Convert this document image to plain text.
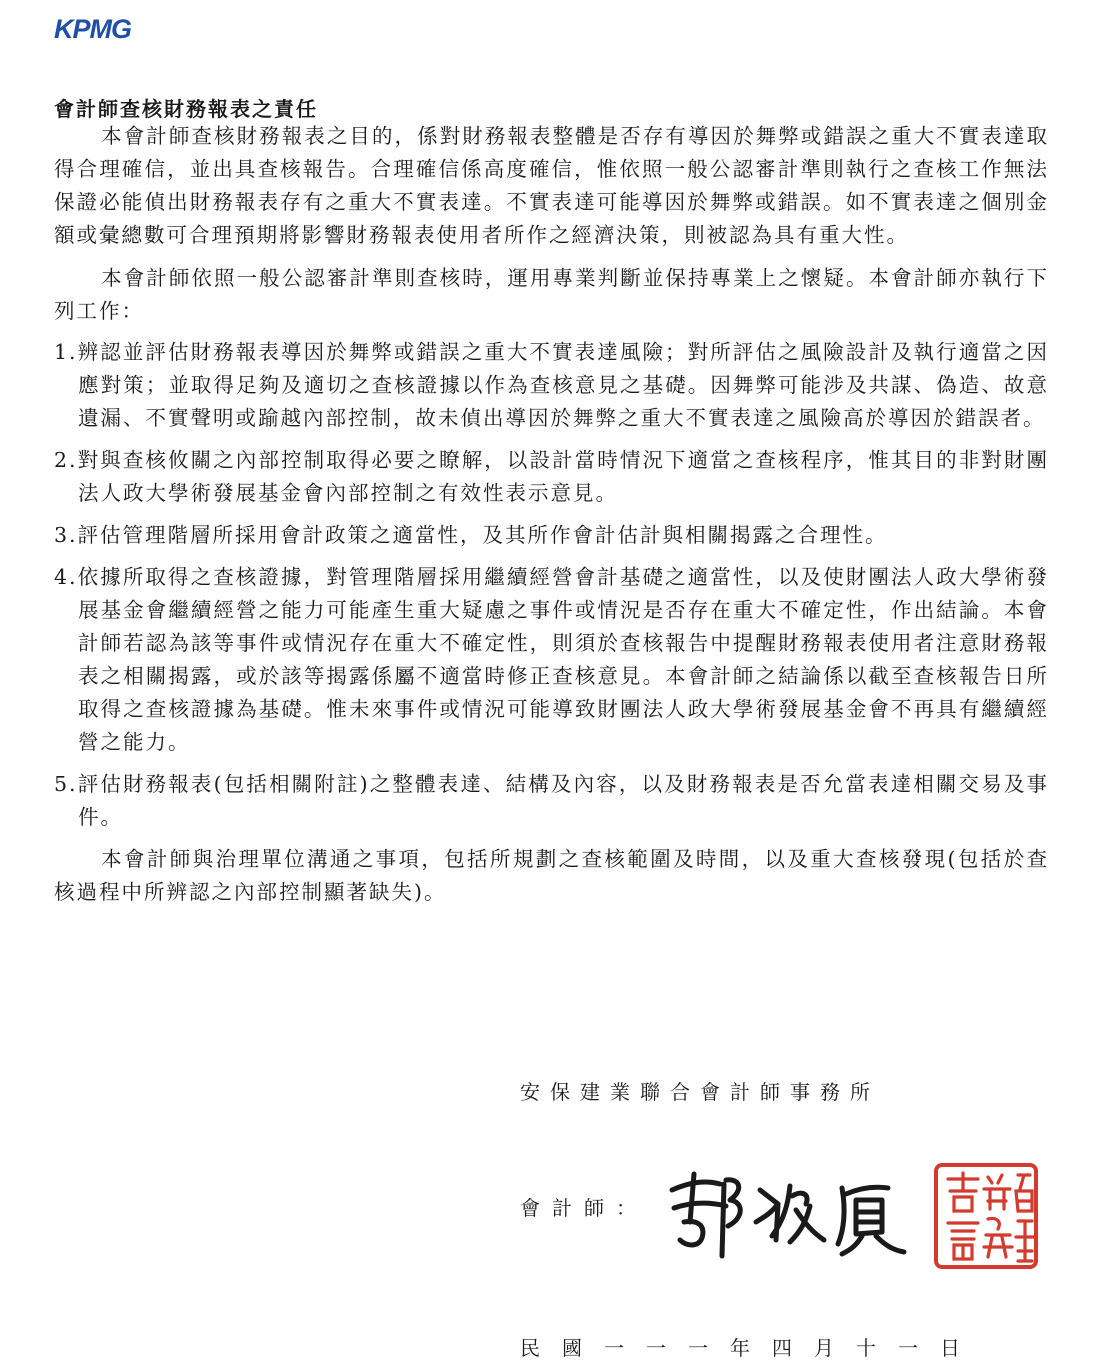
KPMG
會計師查核財務報表之責任

本會計師查核財務報表之目的，係對財務報表整體是否存有導因於舞弊或錯誤之重大不實表達取得合理確信，並出具查核報告。合理確信係高度確信，惟依照一般公認審計準則執行之查核工作無法保證必能偵出財務報表存有之重大不實表達。不實表達可能導因於舞弊或錯誤。如不實表達之個別金額或彙總數可合理預期將影響財務報表使用者所作之經濟決策，則被認為具有重大性。

本會計師依照一般公認審計準則查核時，運用專業判斷並保持專業上之懷疑。本會計師亦執行下列工作：

1.辨認並評估財務報表導因於舞弊或錯誤之重大不實表達風險；對所評估之風險設計及執行適當之因應對策；並取得足夠及適切之查核證據以作為查核意見之基礎。因舞弊可能涉及共謀、偽造、故意遺漏、不實聲明或踰越內部控制，故未偵出導因於舞弊之重大不實表達之風險高於導因於錯誤者。

2.對與查核攸關之內部控制取得必要之瞭解，以設計當時情況下適當之查核程序，惟其目的非對財團法人政大學術發展基金會內部控制之有效性表示意見。

3.評估管理階層所採用會計政策之適當性，及其所作會計估計與相關揭露之合理性。

4.依據所取得之查核證據，對管理階層採用繼續經營會計基礎之適當性，以及使財團法人政大學術發展基金會繼續經營之能力可能產生重大疑慮之事件或情況是否存在重大不確定性，作出結論。本會計師若認為該等事件或情況存在重大不確定性，則須於查核報告中提醒財務報表使用者注意財務報表之相關揭露，或於該等揭露係屬不適當時修正查核意見。本會計師之結論係以截至查核報告日所取得之查核證據為基礎。惟未來事件或情況可能導致財團法人政大學術發展基金會不再具有繼續經營之能力。

5.評估財務報表(包括相關附註)之整體表達、結構及內容，以及財務報表是否允當表達相關交易及事件。

本會計師與治理單位溝通之事項，包括所規劃之查核範圍及時間，以及重大查核發現(包括於查核過程中所辨認之內部控制顯著缺失)。

安保建業聯合會計師事務所
會計師：
民國一一一年四月十一日
